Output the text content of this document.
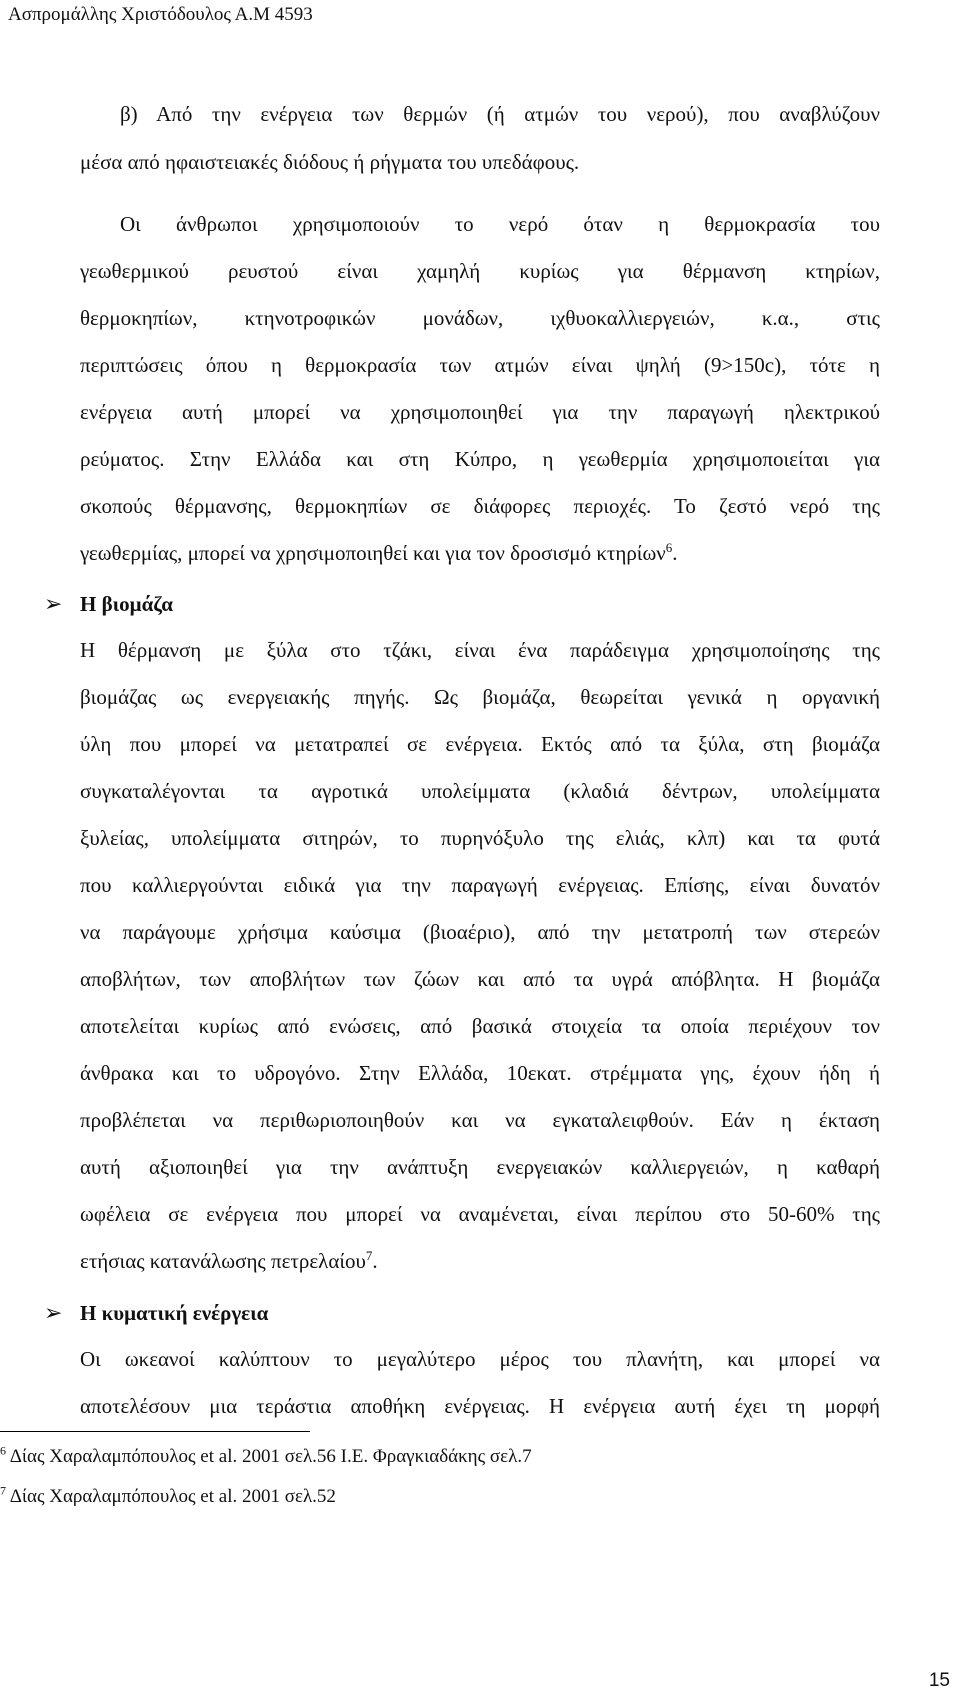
Ασπρομάλλης Χριστόδουλος Α.Μ 4593
β) Από την ενέργεια των θερμών (ή ατμών του νερού), που αναβλύζουν
μέσα από ηφαιστειακές διόδους ή ρήγματα του υπεδάφους.
Οι άνθρωποι χρησιμοποιούν το νερό όταν η θερμοκρασία του
γεωθερμικού ρευστού είναι χαμηλή κυρίως για θέρμανση κτηρίων,
θερμοκηπίων, κτηνοτροφικών μονάδων, ιχθυοκαλλιεργειών, κ.α., στις
περιπτώσεις όπου η θερμοκρασία των ατμών είναι ψηλή (9>150c), τότε η
ενέργεια αυτή μπορεί να χρησιμοποιηθεί για την παραγωγή ηλεκτρικού
ρεύματος. Στην Ελλάδα και στη Κύπρο, η γεωθερμία χρησιμοποιείται για
σκοπούς θέρμανσης, θερμοκηπίων σε διάφορες περιοχές. Το ζεστό νερό της
γεωθερμίας, μπορεί να χρησιμοποιηθεί και για τον δροσισμό κτηρίων$^6$.
➢ Η βιομάζα
Η θέρμανση με ξύλα στο τζάκι, είναι ένα παράδειγμα χρησιμοποίησης της
βιομάζας ως ενεργειακής πηγής. Ως βιομάζα, θεωρείται γενικά η οργανική
ύλη που μπορεί να μετατραπεί σε ενέργεια. Εκτός από τα ξύλα, στη βιομάζα
συγκαταλέγονται τα αγροτικά υπολείμματα (κλαδιά δέντρων, υπολείμματα
ξυλείας, υπολείμματα σιτηρών, το πυρηνόξυλο της ελιάς, κλπ) και τα φυτά
που καλλιεργούνται ειδικά για την παραγωγή ενέργειας. Επίσης, είναι δυνατόν
να παράγουμε χρήσιμα καύσιμα (βιοαέριο), από την μετατροπή των στερεών
αποβλήτων, των αποβλήτων των ζώων και από τα υγρά απόβλητα. Η βιομάζα
αποτελείται κυρίως από ενώσεις, από βασικά στοιχεία τα οποία περιέχουν τον
άνθρακα και το υδρογόνο. Στην Ελλάδα, 10εκατ. στρέμματα γης, έχουν ήδη ή
προβλέπεται να περιθωριοποιηθούν και να εγκαταλειφθούν. Εάν η έκταση
αυτή αξιοποιηθεί για την ανάπτυξη ενεργειακών καλλιεργειών, η καθαρή
ωφέλεια σε ενέργεια που μπορεί να αναμένεται, είναι περίπου στο 50-60% της
ετήσιας κατανάλωσης πετρελαίου$^7$.
➢ Η κυματική ενέργεια
Οι ωκεανοί καλύπτουν το μεγαλύτερο μέρος του πλανήτη, και μπορεί να
αποτελέσουν μια τεράστια αποθήκη ενέργειας. Η ενέργεια αυτή έχει τη μορφή
$^6$ Δίας Χαραλαμπόπουλος et al. 2001 σελ.56 Ι.Ε. Φραγκιαδάκης σελ.7
$^7$ Δίας Χαραλαμπόπουλος et al. 2001 σελ.52
15
